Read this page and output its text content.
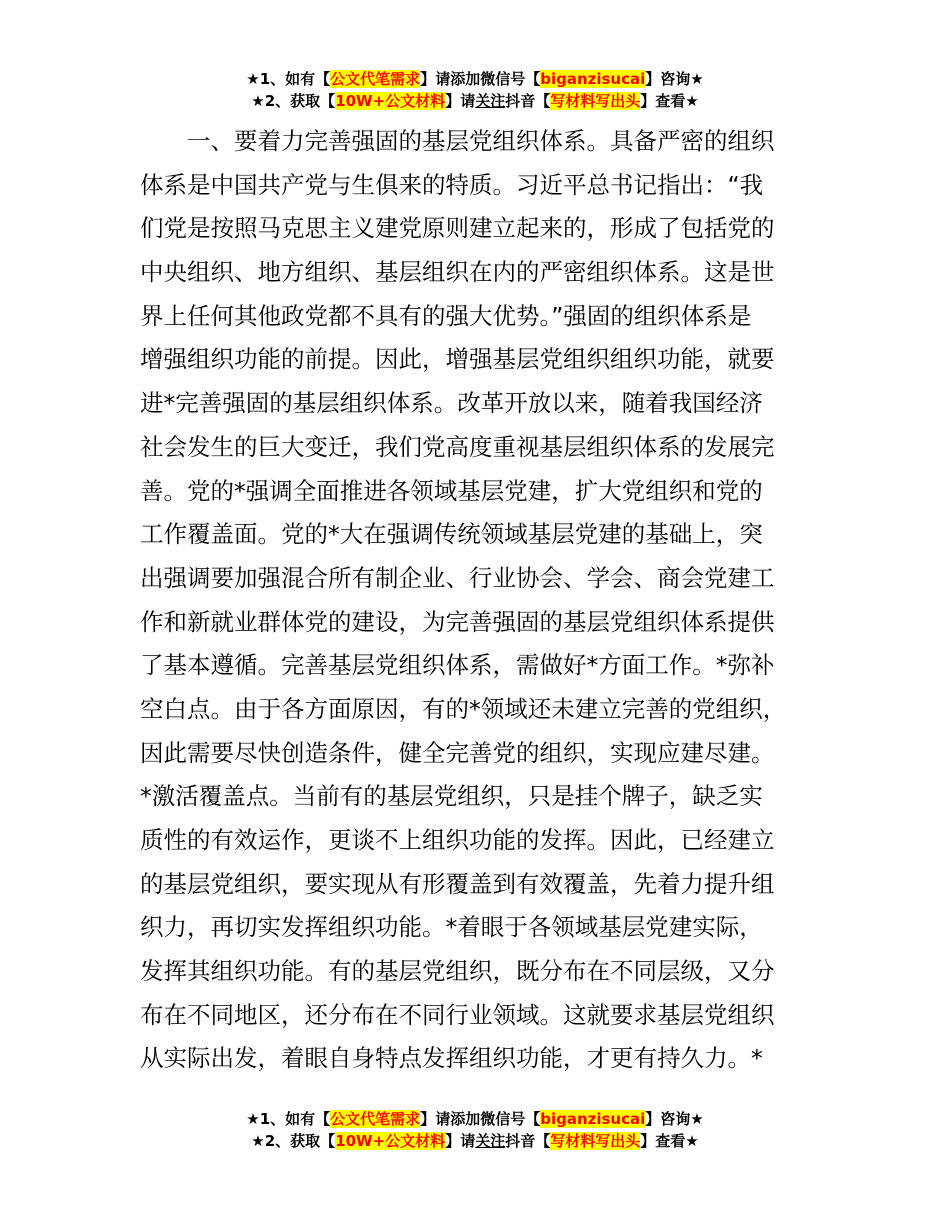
★1、如有【公文代笔需求】请添加微信号【biganzisucai】咨询★
★2、获取【10W+公文材料】请关注抖音【写材料写出头】查看★
一、要着力完善强固的基层党组织体系。具备严密的组织
体系是中国共产党与生俱来的特质。习近平总书记指出：“我
们党是按照马克思主义建党原则建立起来的，形成了包括党的
中央组织、地方组织、基层组织在内的严密组织体系。这是世
界上任何其他政党都不具有的强大优势。”强固的组织体系是
增强组织功能的前提。因此，增强基层党组织组织功能，就要
进*完善强固的基层组织体系。改革开放以来，随着我国经济
社会发生的巨大变迁，我们党高度重视基层组织体系的发展完
善。党的*强调全面推进各领域基层党建，扩大党组织和党的
工作覆盖面。党的*大在强调传统领域基层党建的基础上，突
出强调要加强混合所有制企业、行业协会、学会、商会党建工
作和新就业群体党的建设，为完善强固的基层党组织体系提供
了基本遵循。完善基层党组织体系，需做好*方面工作。*弥补
空白点。由于各方面原因，有的*领域还未建立完善的党组织，
因此需要尽快创造条件，健全完善党的组织，实现应建尽建。
*激活覆盖点。当前有的基层党组织，只是挂个牌子，缺乏实
质性的有效运作，更谈不上组织功能的发挥。因此，已经建立
的基层党组织，要实现从有形覆盖到有效覆盖，先着力提升组
织力，再切实发挥组织功能。*着眼于各领域基层党建实际，
发挥其组织功能。有的基层党组织，既分布在不同层级，又分
布在不同地区，还分布在不同行业领域。这就要求基层党组织
从实际出发，着眼自身特点发挥组织功能，才更有持久力。*
★1、如有【公文代笔需求】请添加微信号【biganzisucai】咨询★
★2、获取【10W+公文材料】请关注抖音【写材料写出头】查看★
